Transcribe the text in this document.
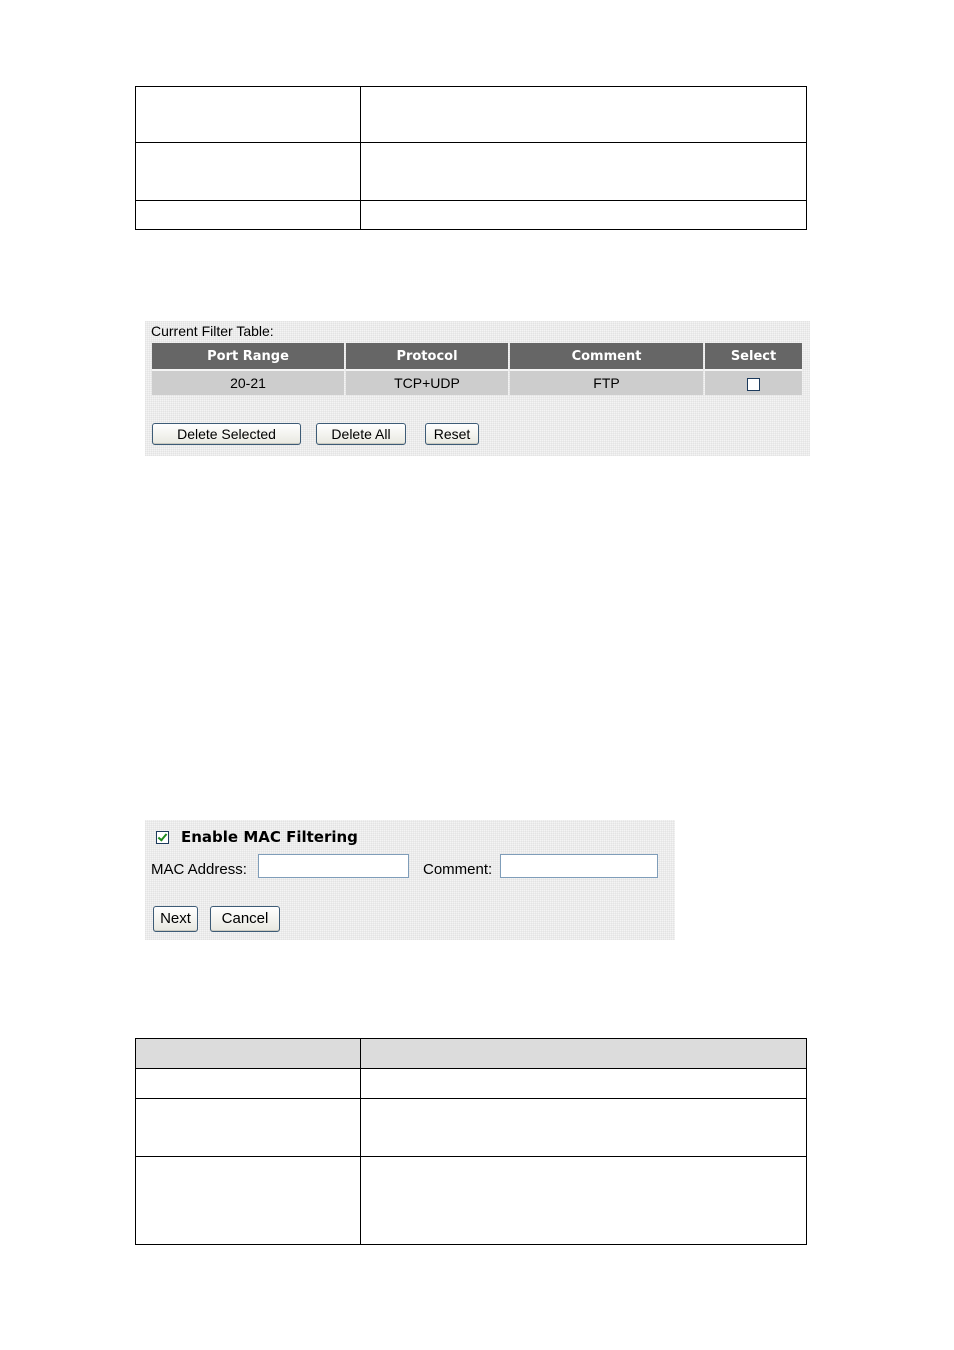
Current Filter Table:
Port Range	Protocol	Comment	Select
20-21	TCP+UDP	FTP	
Delete Selected	Delete All	Reset
Enable MAC Filtering
MAC Address:	Comment:
Next	Cancel
